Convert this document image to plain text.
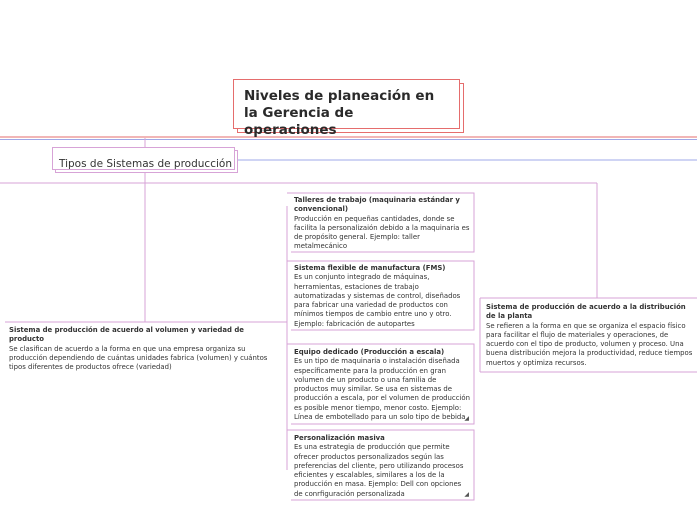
Niveles de planeación en la Gerencia de operaciones
Tipos de Sistemas de producción
Sistema de producción de acuerdo al volumen y variedad de producto
Se clasifican de acuerdo a la forma en que una empresa organiza su producción dependiendo de cuántas unidades fabrica (volumen) y cuántos tipos diferentes de productos ofrece (variedad)
Talleres de trabajo (maquinaria estándar y convencional)
Producción en pequeñas cantidades, donde se facilita la personalizaión debido a la maquinaria es de propósito general. Ejemplo: taller metalmecánico
Sistema flexible de manufactura (FMS)
Es un conjunto integrado de máquinas, herramientas, estaciones de trabajo automatizadas y sistemas de control, diseñados para fabricar una variedad de productos con mínimos tiempos de cambio entre uno y otro. Ejemplo: fabricación de autopartes
Equipo dedicado (Producción a escala)
Es un tipo de maquinaria o instalación diseñada específicamente para la producción en gran volumen de un producto o una familia de productos muy similar. Se usa en sistemas de producción a escala, por el volumen de producción es posible menor tiempo, menor costo. Ejemplo: Línea de embotellado para un solo tipo de bebida
◢
Personalización masiva
Es una estrategia de producción que permite ofrecer productos personalizados según las preferencias del cliente, pero utilizando procesos eficientes y escalables, similares a los de la producción en masa. Ejemplo: Dell con opciones de conrfiguración personalizada	◢
Sistema de producción de acuerdo a la distribución de la planta
Se refieren a la forma en que se organiza el espacio físico para facilitar el flujo de materiales y operaciones, de acuerdo con el tipo de producto, volumen y proceso. Una buena distribución mejora la productividad, reduce tiempos muertos y optimiza recursos.
